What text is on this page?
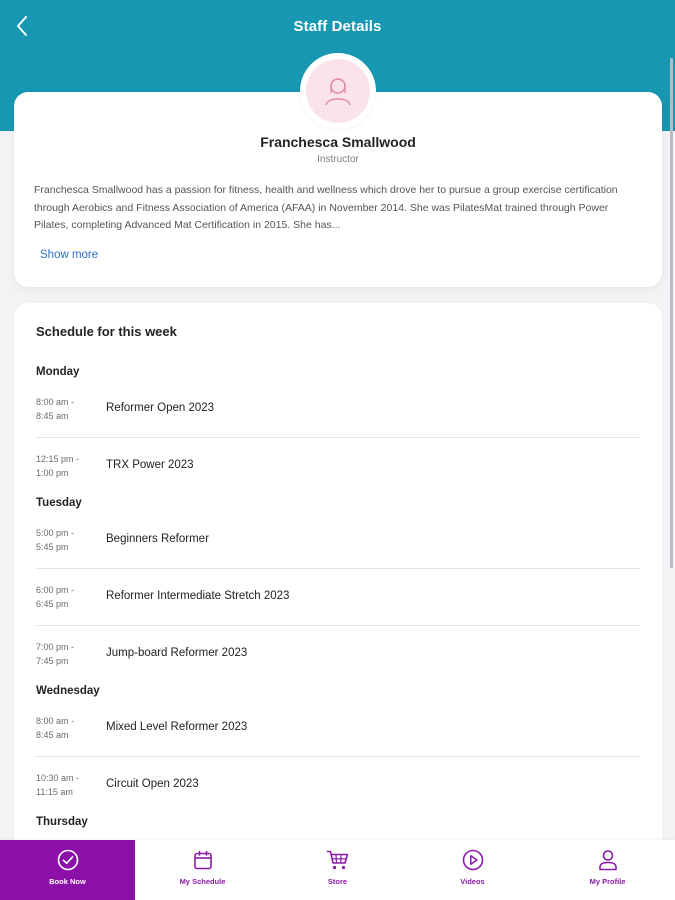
Staff Details
Franchesca Smallwood
Instructor
Franchesca Smallwood has a passion for fitness, health and wellness which drove her to pursue a group exercise certification through Aerobics and Fitness Association of America (AFAA) in November 2014. She was PilatesMat trained through Power Pilates, completing Advanced Mat Certification in 2015. She has...
Show more
Schedule for this week
Monday
8:00 am -
8:45 am
Reformer Open 2023
12:15 pm -
1:00 pm
TRX Power 2023
Tuesday
5:00 pm -
5:45 pm
Beginners Reformer
6:00 pm -
6:45 pm
Reformer Intermediate Stretch 2023
7:00 pm -
7:45 pm
Jump-board Reformer 2023
Wednesday
8:00 am -
8:45 am
Mixed Level Reformer 2023
10:30 am -
11:15 am
Circuit Open 2023
Thursday
Book Now	My Schedule	Store	Videos	My Profile
